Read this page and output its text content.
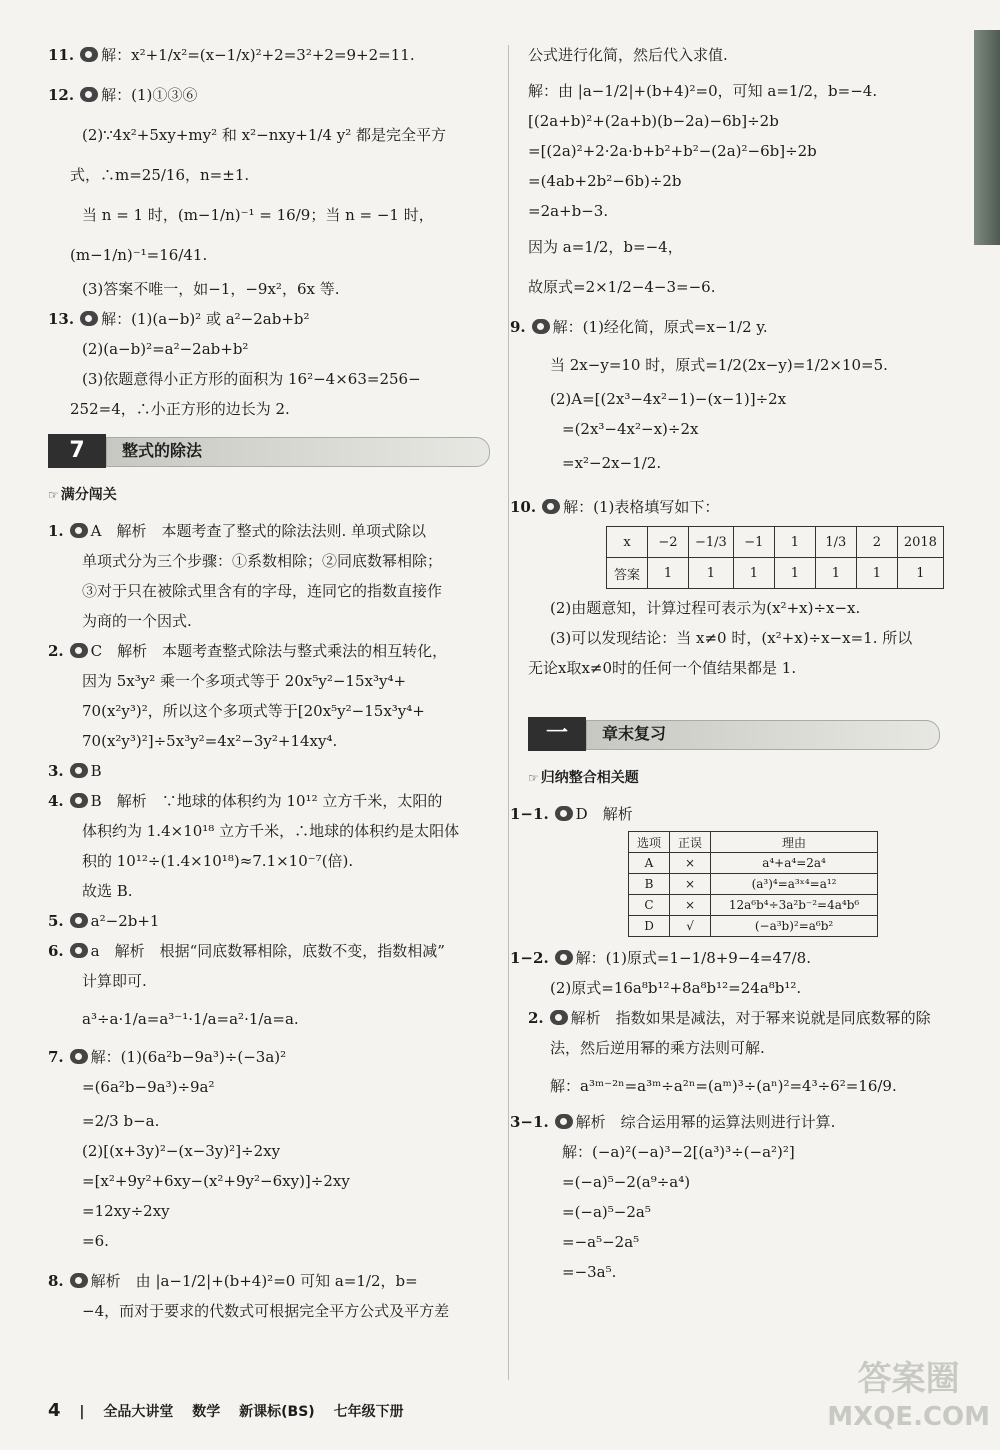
11. 解：x²+1/x²=(x−1/x)²+2=3²+2=9+2=11.
12. 解：(1)①③⑥
(2)∵4x²+5xy+my² 和 x²−nxy+1/4 y² 都是完全平方
式，∴m=25/16，n=±1.
当 n = 1 时，(m−1/n)⁻¹ = 16/9；当 n = −1 时，
(m−1/n)⁻¹=16/41.
(3)答案不唯一，如−1，−9x²，6x 等.
13. 解：(1)(a−b)² 或 a²−2ab+b²
(2)(a−b)²=a²−2ab+b²
(3)依题意得小正方形的面积为 16²−4×63=256−
252=4，∴小正方形的边长为 2.
7	整式的除法
☞ 满分闯关
1. A　解析　本题考查了整式的除法法则. 单项式除以
单项式分为三个步骤：①系数相除；②同底数幂相除；
③对于只在被除式里含有的字母，连同它的指数直接作
为商的一个因式.
2. C　解析　本题考查整式除法与整式乘法的相互转化，
因为 5x³y² 乘一个多项式等于 20x⁵y²−15x³y⁴+
70(x²y³)²，所以这个多项式等于[20x⁵y²−15x³y⁴+
70(x²y³)²]÷5x³y²=4x²−3y²+14xy⁴.
3. B
4. B　解析　∵地球的体积约为 10¹² 立方千米，太阳的
体积约为 1.4×10¹⁸ 立方千米，∴地球的体积约是太阳体
积的 10¹²÷(1.4×10¹⁸)≈7.1×10⁻⁷(倍).
故选 B.
5. a²−2b+1
6. a　解析　根据“同底数幂相除，底数不变，指数相减”
计算即可.
a³÷a·1/a=a³⁻¹·1/a=a²·1/a=a.
7. 解：(1)(6a²b−9a³)÷(−3a)²
=(6a²b−9a³)÷9a²
=2/3 b−a.
(2)[(x+3y)²−(x−3y)²]÷2xy
=[x²+9y²+6xy−(x²+9y²−6xy)]÷2xy
=12xy÷2xy
=6.
8. 解析　由 |a−1/2|+(b+4)²=0 可知 a=1/2，b=
−4，而对于要求的代数式可根据完全平方公式及平方差
公式进行化简，然后代入求值.
解：由 |a−1/2|+(b+4)²=0，可知 a=1/2，b=−4.
[(2a+b)²+(2a+b)(b−2a)−6b]÷2b
=[(2a)²+2·2a·b+b²+b²−(2a)²−6b]÷2b
=(4ab+2b²−6b)÷2b
=2a+b−3.
因为 a=1/2，b=−4，
故原式=2×1/2−4−3=−6.
9. 解：(1)经化简，原式=x−1/2 y.
当 2x−y=10 时，原式=1/2(2x−y)=1/2×10=5.
(2)A=[(2x³−4x²−1)−(x−1)]÷2x
=(2x³−4x²−x)÷2x
=x²−2x−1/2.
10. 解：(1)表格填写如下：
x	−2	−1/3	−1	1	1/3	2	2018
答案	1	1	1	1	1	1	1
(2)由题意知，计算过程可表示为(x²+x)÷x−x.
(3)可以发现结论：当 x≠0 时，(x²+x)÷x−x=1. 所以
无论x取x≠0时的任何一个值结果都是 1.
一	章末复习
☞ 归纳整合相关题
1−1. D　解析
选项	正误	理由
A	×	a⁴+a⁴=2a⁴
B	×	(a³)⁴=a³ˣ⁴=a¹²
C	×	12a⁶b⁴÷3a²b⁻²=4a⁴b⁶
D	√	(−a³b)²=a⁶b²
1−2. 解：(1)原式=1−1/8+9−4=47/8.
(2)原式=16a⁸b¹²+8a⁸b¹²=24a⁸b¹².
2. 解析　指数如果是减法，对于幂来说就是同底数幂的除
法，然后逆用幂的乘方法则可解.
解：a³ᵐ⁻²ⁿ=a³ᵐ÷a²ⁿ=(aᵐ)³÷(aⁿ)²=4³÷6²=16/9.
3−1. 解析　综合运用幂的运算法则进行计算.
解：(−a)²(−a)³−2[(a³)³÷(−a²)²]
=(−a)⁵−2(a⁹÷a⁴)
=(−a)⁵−2a⁵
=−a⁵−2a⁵
=−3a⁵.
4 | 全品大讲堂 数学 新课标(BS) 七年级下册
答案圈
MXQE.COM
